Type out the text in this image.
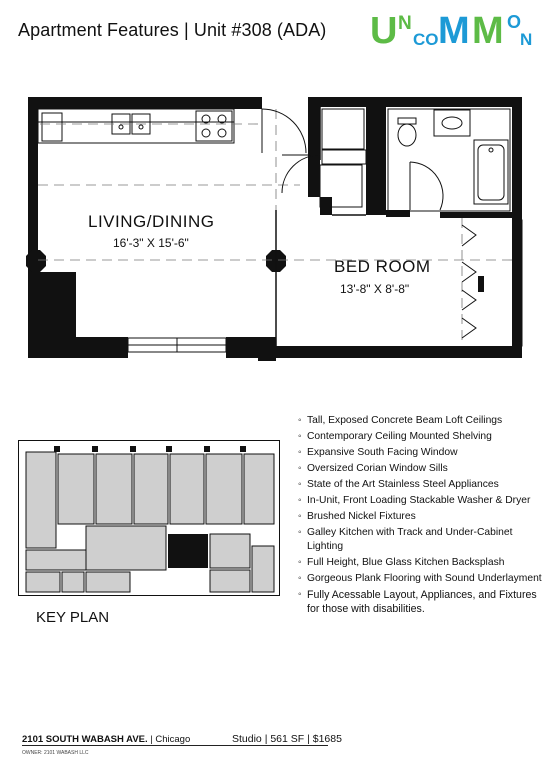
Apartment Features | Unit #308 (ADA) U N
CO M M O
N
LIVING/DINING
16'-3" X 15'-6"
BED ROOM
13'-8" X 8'-8"
KEY PLAN
◦ Tall, Exposed Concrete Beam Loft Ceilings
◦ Contemporary Ceiling Mounted Shelving
◦ Expansive South Facing Window
◦ Oversized Corian Window Sills
◦ State of the Art Stainless Steel Appliances
◦ In-Unit, Front Loading Stackable Washer & Dryer
◦ Brushed Nickel Fixtures
◦ Galley Kitchen with Track and Under-Cabinet Lighting
◦ Full Height, Blue Glass Kitchen Backsplash
◦ Gorgeous Plank Flooring with Sound Underlayment
◦ Fully Acessable Layout, Appliances, and Fixtures for those with disabilities.
2101 SOUTH WABASH AVE. | Chicago	Studio | 561 SF | $1685
OWNER: 2101 WABASH LLC
